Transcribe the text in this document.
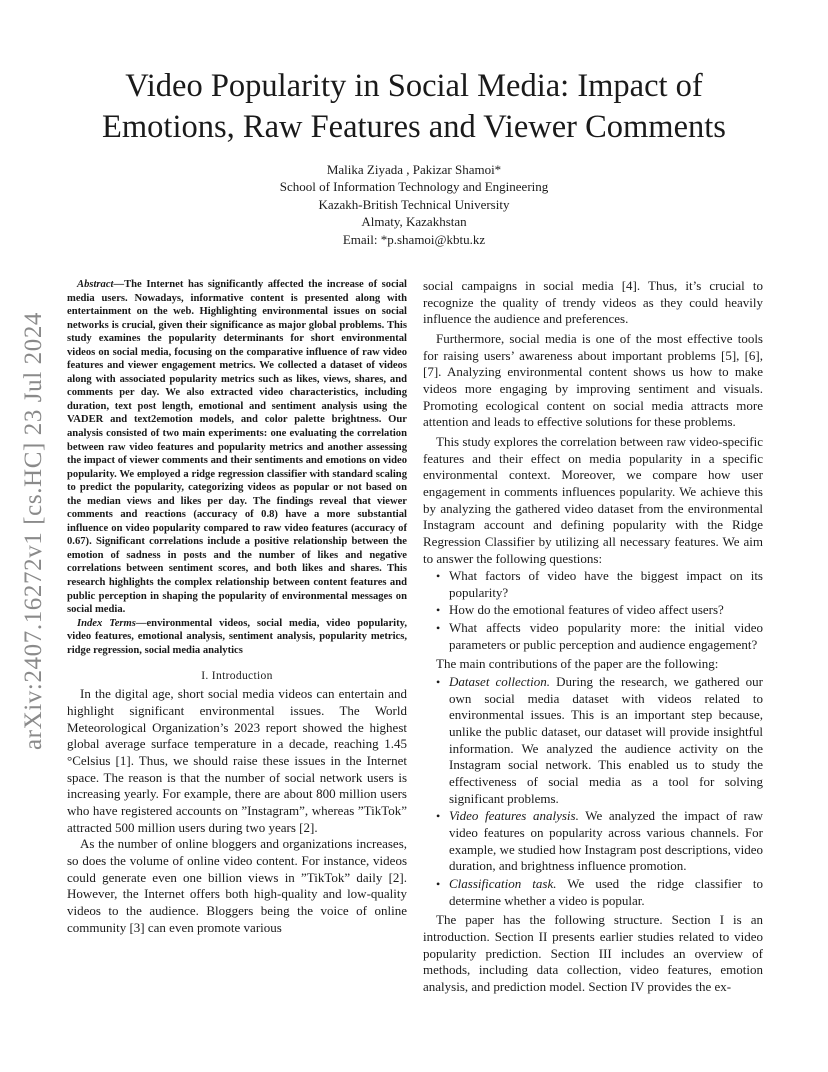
arXiv:2407.16272v1 [cs.HC] 23 Jul 2024
Video Popularity in Social Media: Impact of
Emotions, Raw Features and Viewer Comments
Malika Ziyada , Pakizar Shamoi*
School of Information Technology and Engineering
Kazakh-British Technical University
Almaty, Kazakhstan
Email: *p.shamoi@kbtu.kz

Abstract—The Internet has significantly affected the increase of social media users. Nowadays, informative content is presented along with entertainment on the web. Highlighting environmental issues on social networks is crucial, given their significance as major global problems. This study examines the popularity determinants for short environmental videos on social media, focusing on the comparative influence of raw video features and viewer engagement metrics. We collected a dataset of videos along with associated popularity metrics such as likes, views, shares, and comments per day. We also extracted video characteristics, including duration, text post length, emotional and sentiment analysis using the VADER and text2emotion models, and color palette brightness. Our analysis consisted of two main experiments: one evaluating the correlation between raw video features and popularity metrics and another assessing the impact of viewer comments and their sentiments and emotions on video popularity. We employed a ridge regression classifier with standard scaling to predict the popularity, categorizing videos as popular or not based on the median views and likes per day. The findings reveal that viewer comments and reactions (accuracy of 0.8) have a more substantial influence on video popularity compared to raw video features (accuracy of 0.67). Significant correlations include a positive relationship between the emotion of sadness in posts and the number of likes and negative correlations between sentiment scores, and both likes and shares. This research highlights the complex relationship between content features and public perception in shaping the popularity of environmental messages on social media.

Index Terms—environmental videos, social media, video popularity, video features, emotional analysis, sentiment analysis, popularity metrics, ridge regression, social media analytics

I. Introduction

In the digital age, short social media videos can entertain and highlight significant environmental issues. The World Meteorological Organization’s 2023 report showed the highest global average surface temperature in a decade, reaching 1.45 °Celsius [1]. Thus, we should raise these issues in the Internet space. The reason is that the number of social network users is increasing yearly. For example, there are about 800 million users who have registered accounts on ”Instagram”, whereas ”TikTok” attracted 500 million users during two years [2].

As the number of online bloggers and organizations increases, so does the volume of online video content. For instance, videos could generate even one billion views in ”TikTok” daily [2]. However, the Internet offers both high-quality and low-quality videos to the audience. Bloggers being the voice of online community [3] can even promote various

social campaigns in social media [4]. Thus, it’s crucial to recognize the quality of trendy videos as they could heavily influence the audience and preferences.

Furthermore, social media is one of the most effective tools for raising users’ awareness about important problems [5], [6], [7]. Analyzing environmental content shows us how to make videos more engaging by improving sentiment and visuals. Promoting ecological content on social media attracts more attention and leads to effective solutions for these problems.

This study explores the correlation between raw video-specific features and their effect on media popularity in a specific environmental context. Moreover, we compare how user engagement in comments influences popularity. We achieve this by analyzing the gathered video dataset from the environmental Instagram account and defining popularity with the Ridge Regression Classifier by utilizing all necessary features. We aim to answer the following questions:

• What factors of video have the biggest impact on its popularity?
• How do the emotional features of video affect users?
• What affects video popularity more: the initial video parameters or public perception and audience engagement?

The main contributions of the paper are the following:

• Dataset collection. During the research, we gathered our own social media dataset with videos related to environmental issues. This is an important step because, unlike the public dataset, our dataset will provide insightful information. We analyzed the audience activity on the Instagram social network. This enabled us to study the effectiveness of social media as a tool for solving significant problems.
• Video features analysis. We analyzed the impact of raw video features on popularity across various channels. For example, we studied how Instagram post descriptions, video duration, and brightness influence promotion.
• Classification task. We used the ridge classifier to determine whether a video is popular.

The paper has the following structure. Section I is an introduction. Section II presents earlier studies related to video popularity prediction. Section III includes an overview of methods, including data collection, video features, emotion analysis, and prediction model. Section IV provides the ex-
